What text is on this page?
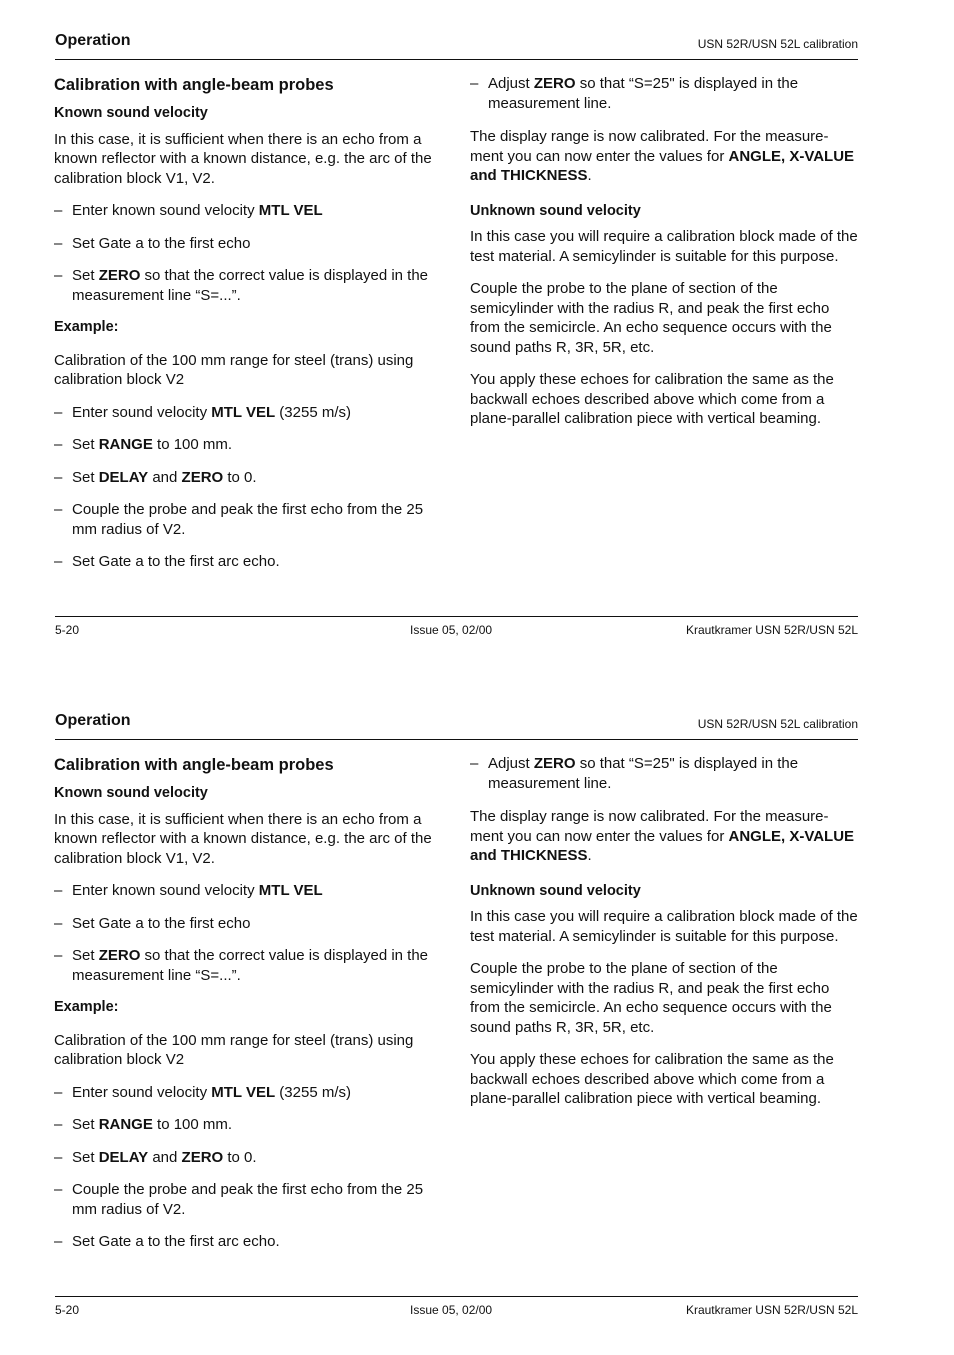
Operation	USN 52R/USN 52L calibration
Calibration with angle-beam probes
Known sound velocity

In this case, it is sufficient when there is an echo from a known reflector with a known distance, e.g. the arc of the calibration block V1, V2.

– Enter known sound velocity MTL VEL
– Set Gate a to the first echo
– Set ZERO so that the correct value is displayed in the measurement line “S=...”.
Example:

Calibration of the 100 mm range for steel (trans) using calibration block V2

– Enter sound velocity MTL VEL (3255 m/s)
– Set RANGE to 100 mm.
– Set DELAY and ZERO to 0.
– Couple the probe and peak the first echo from the 25 mm radius of V2.
– Set Gate a to the first arc echo.
– Adjust ZERO so that “S=25" is displayed in the measurement line.

The display range is now calibrated. For the measure-ment you can now enter the values for ANGLE, X-VALUE and THICKNESS.

Unknown sound velocity

In this case you will require a calibration block made of the test material. A semicylinder is suitable for this purpose.

Couple the probe to the plane of section of the semicylinder with the radius R, and peak the first echo from the semicircle. An echo sequence occurs with the sound paths R, 3R, 5R, etc.

You apply these echoes for calibration the same as the backwall echoes described above which come from a plane-parallel calibration piece with vertical beaming.

5-20	Issue 05, 02/00	Krautkramer USN 52R/USN 52L
Operation	USN 52R/USN 52L calibration
Calibration with angle-beam probes
Known sound velocity

In this case, it is sufficient when there is an echo from a known reflector with a known distance, e.g. the arc of the calibration block V1, V2.

– Enter known sound velocity MTL VEL
– Set Gate a to the first echo
– Set ZERO so that the correct value is displayed in the measurement line “S=...”.
Example:

Calibration of the 100 mm range for steel (trans) using calibration block V2

– Enter sound velocity MTL VEL (3255 m/s)
– Set RANGE to 100 mm.
– Set DELAY and ZERO to 0.
– Couple the probe and peak the first echo from the 25 mm radius of V2.
– Set Gate a to the first arc echo.
– Adjust ZERO so that “S=25" is displayed in the measurement line.

The display range is now calibrated. For the measure-ment you can now enter the values for ANGLE, X-VALUE and THICKNESS.

Unknown sound velocity

In this case you will require a calibration block made of the test material. A semicylinder is suitable for this purpose.

Couple the probe to the plane of section of the semicylinder with the radius R, and peak the first echo from the semicircle. An echo sequence occurs with the sound paths R, 3R, 5R, etc.

You apply these echoes for calibration the same as the backwall echoes described above which come from a plane-parallel calibration piece with vertical beaming.

5-20	Issue 05, 02/00	Krautkramer USN 52R/USN 52L
